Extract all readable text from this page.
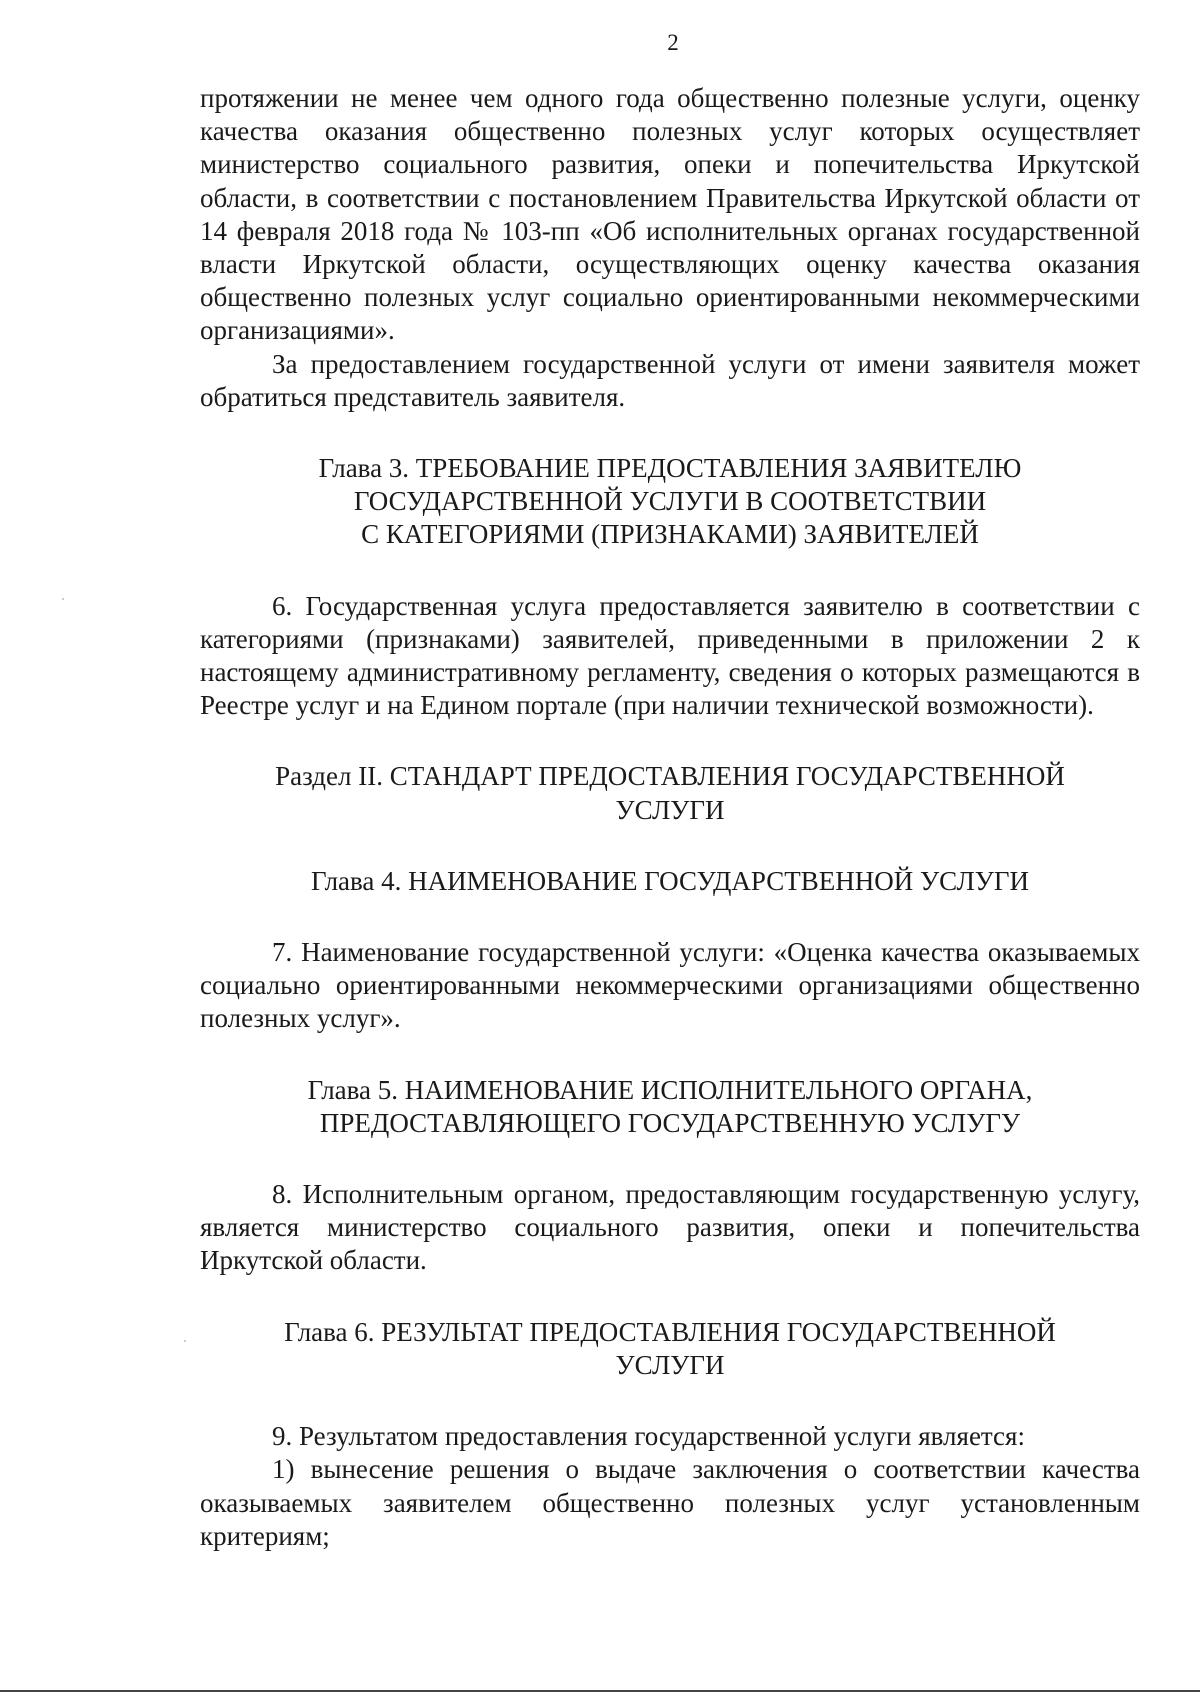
2

протяжении не менее чем одного года общественно полезные услуги, оценку качества оказания общественно полезных услуг которых осуществляет министерство социального развития, опеки и попечительства Иркутской области, в соответствии с постановлением Правительства Иркутской области от 14 февраля 2018 года № 103-пп «Об исполнительных органах государственной власти Иркутской области, осуществляющих оценку качества оказания общественно полезных услуг социально ориентированными некоммерческими организациями».

За предоставлением государственной услуги от имени заявителя может обратиться представитель заявителя.

Глава 3. ТРЕБОВАНИЕ ПРЕДОСТАВЛЕНИЯ ЗАЯВИТЕЛЮ
ГОСУДАРСТВЕННОЙ УСЛУГИ В СООТВЕТСТВИИ
С КАТЕГОРИЯМИ (ПРИЗНАКАМИ) ЗАЯВИТЕЛЕЙ

6. Государственная услуга предоставляется заявителю в соответствии с категориями (признаками) заявителей, приведенными в приложении 2 к настоящему административному регламенту, сведения о которых размещаются в Реестре услуг и на Едином портале (при наличии технической возможности).

Раздел II. СТАНДАРТ ПРЕДОСТАВЛЕНИЯ ГОСУДАРСТВЕННОЙ
УСЛУГИ
Глава 4. НАИМЕНОВАНИЕ ГОСУДАРСТВЕННОЙ УСЛУГИ

7. Наименование государственной услуги: «Оценка качества оказываемых социально ориентированными некоммерческими организациями общественно полезных услуг».

Глава 5. НАИМЕНОВАНИЕ ИСПОЛНИТЕЛЬНОГО ОРГАНА,
ПРЕДОСТАВЛЯЮЩЕГО ГОСУДАРСТВЕННУЮ УСЛУГУ

8. Исполнительным органом, предоставляющим государственную услугу, является министерство социального развития, опеки и попечительства Иркутской области.

Глава 6. РЕЗУЛЬТАТ ПРЕДОСТАВЛЕНИЯ ГОСУДАРСТВЕННОЙ
УСЛУГИ

9. Результатом предоставления государственной услуги является:

1) вынесение решения о выдаче заключения о соответствии качества оказываемых заявителем общественно полезных услуг установленным критериям;
